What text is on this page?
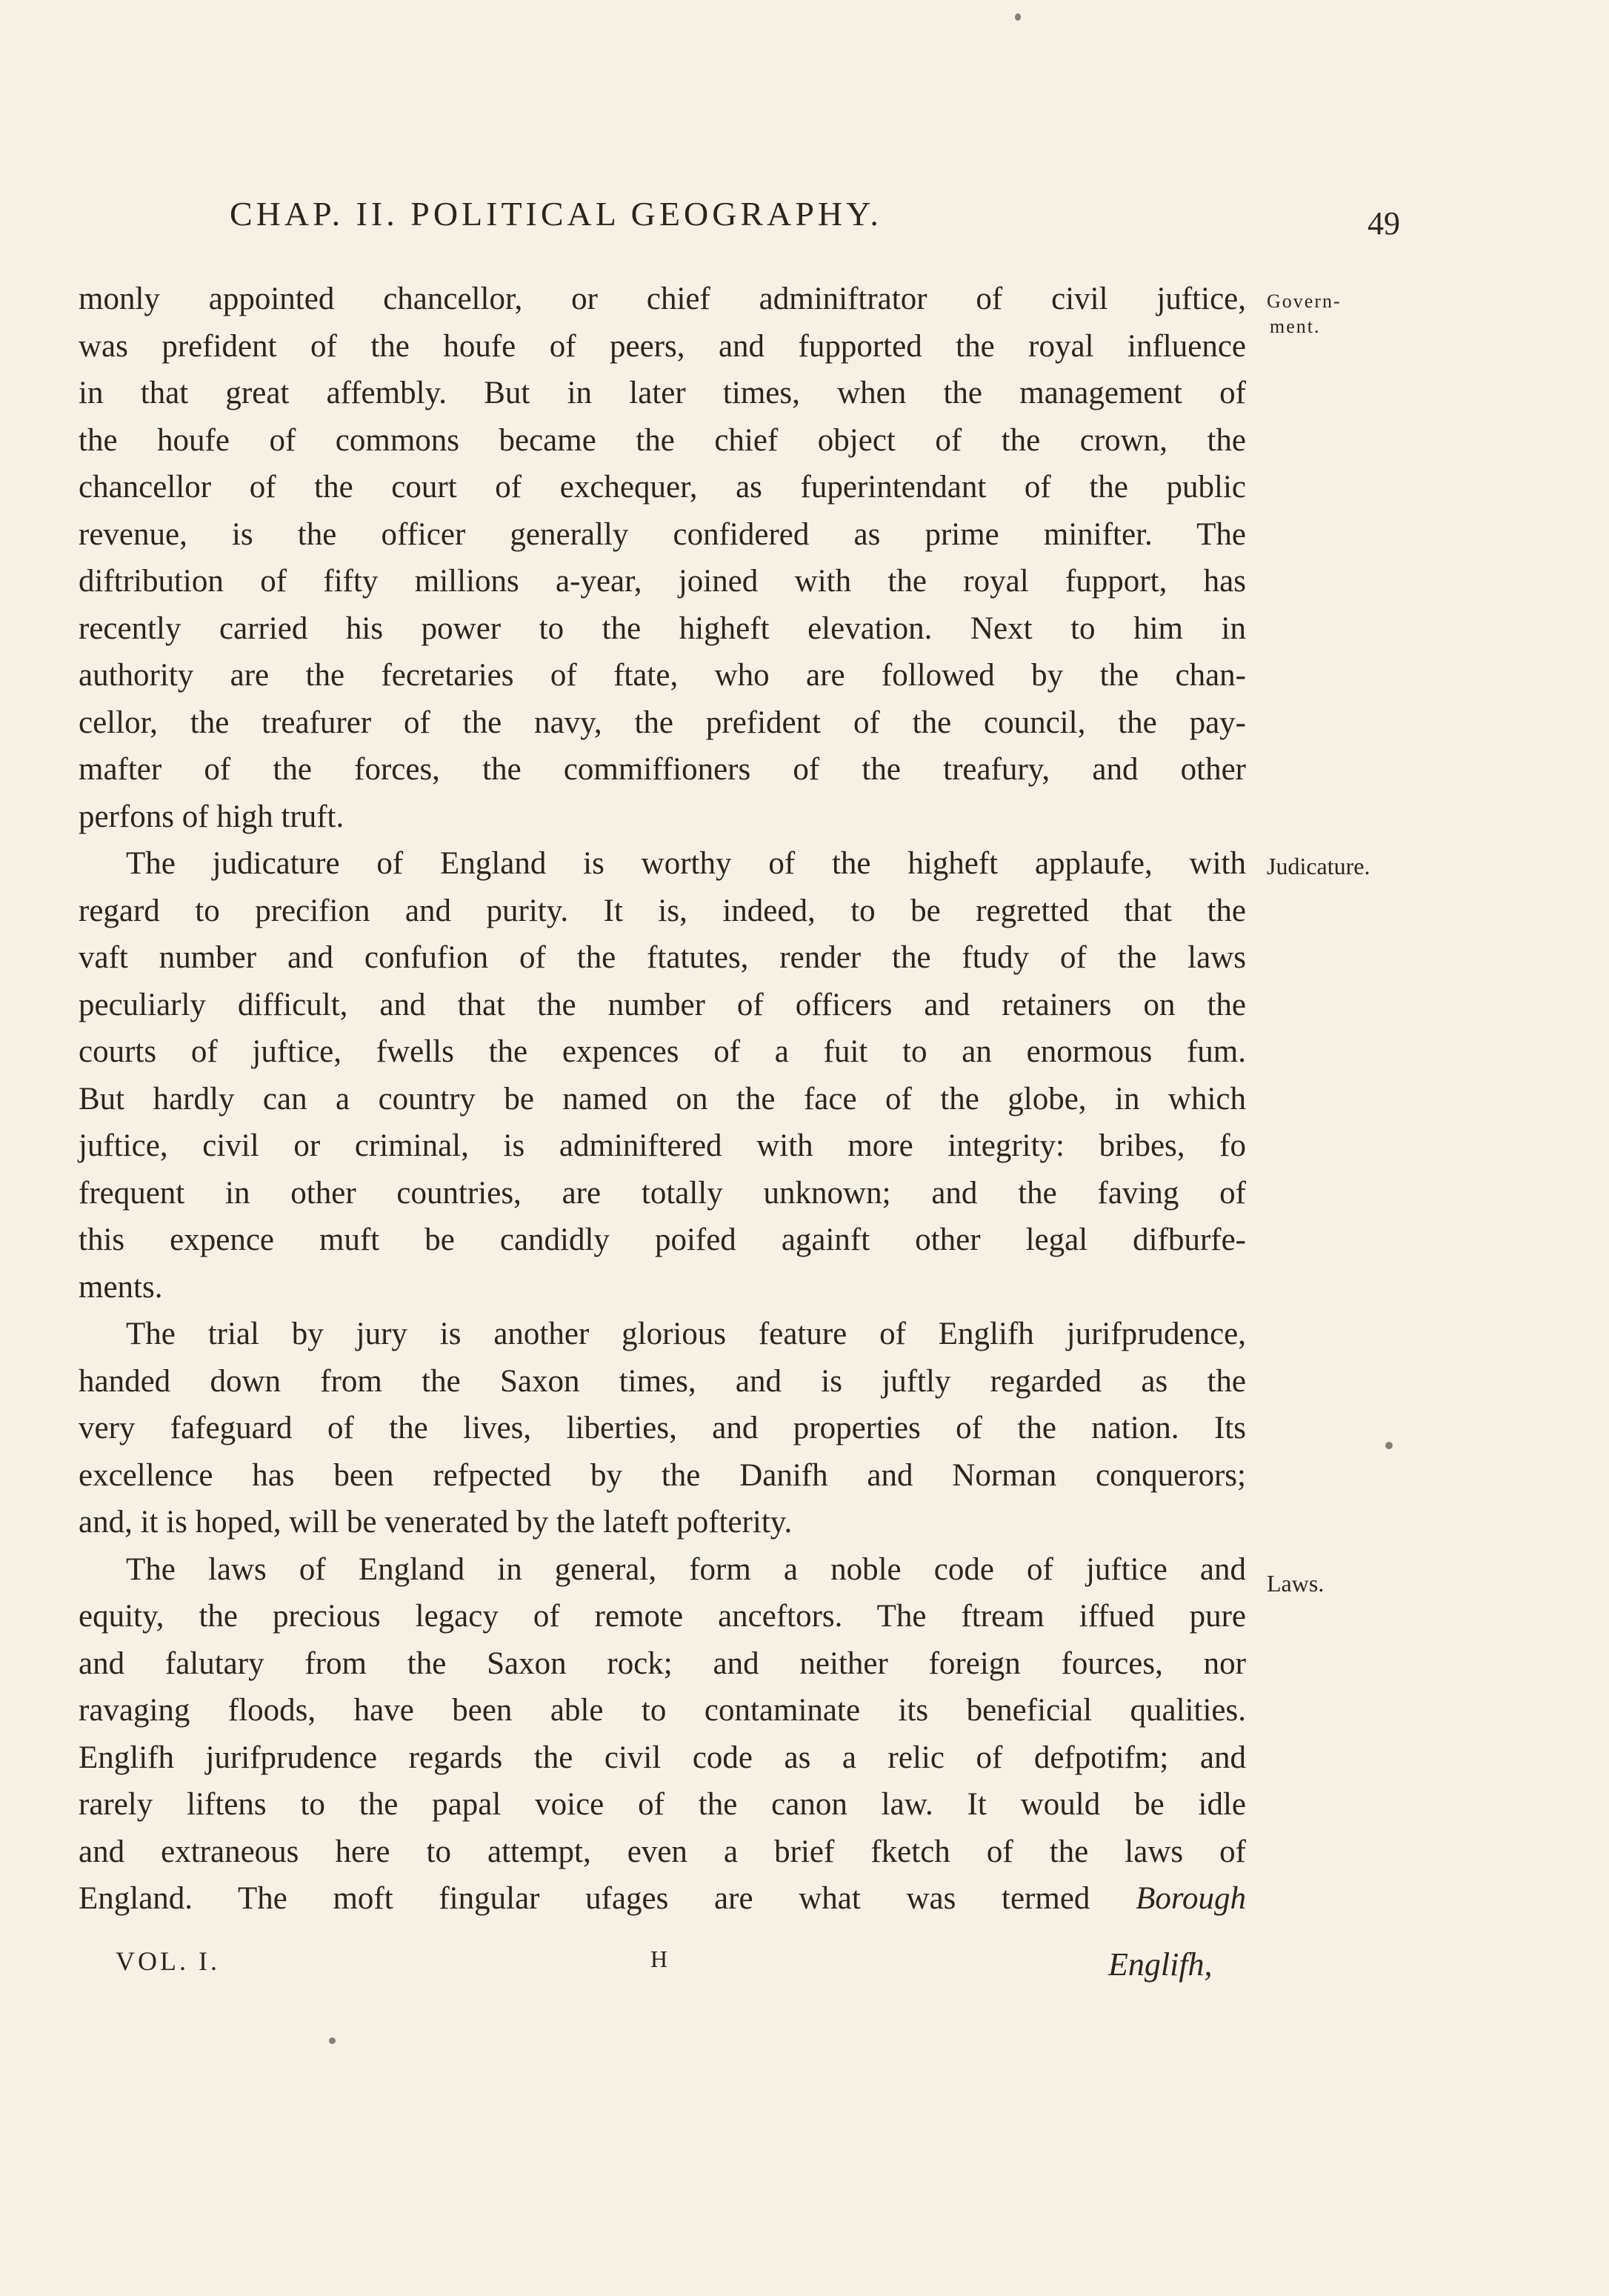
CHAP. II. POLITICAL GEOGRAPHY.	49
Govern-
ment.
Judicature.
Laws.
monly appointed chancellor, or chief adminiftrator of civil juftice,
was prefident of the houfe of peers, and fupported the royal influence
in that great affembly. But in later times, when the management of
the houfe of commons became the chief object of the crown, the
chancellor of the court of exchequer, as fuperintendant of the public
revenue, is the officer generally confidered as prime minifter. The
diftribution of fifty millions a-year, joined with the royal fupport, has
recently carried his power to the higheft elevation. Next to him in
authority are the fecretaries of ftate, who are followed by the chan-
cellor, the treafurer of the navy, the prefident of the council, the pay-
mafter of the forces, the commiffioners of the treafury, and other
perfons of high truft.
The judicature of England is worthy of the higheft applaufe, with
regard to precifion and purity. It is, indeed, to be regretted that the
vaft number and confufion of the ftatutes, render the ftudy of the laws
peculiarly difficult, and that the number of officers and retainers on the
courts of juftice, fwells the expences of a fuit to an enormous fum.
But hardly can a country be named on the face of the globe, in which
juftice, civil or criminal, is adminiftered with more integrity: bribes, fo
frequent in other countries, are totally unknown; and the faving of
this expence muft be candidly poifed againft other legal difburfe-
ments.
The trial by jury is another glorious feature of Englifh jurifprudence,
handed down from the Saxon times, and is juftly regarded as the
very fafeguard of the lives, liberties, and properties of the nation. Its
excellence has been refpected by the Danifh and Norman conquerors;
and, it is hoped, will be venerated by the lateft pofterity.
The laws of England in general, form a noble code of juftice and
equity, the precious legacy of remote anceftors. The ftream iffued pure
and falutary from the Saxon rock; and neither foreign fources, nor
ravaging floods, have been able to contaminate its beneficial qualities.
Englifh jurifprudence regards the civil code as a relic of defpotifm; and
rarely liftens to the papal voice of the canon law. It would be idle
and extraneous here to attempt, even a brief fketch of the laws of
England. The moft fingular ufages are what was termed Borough
VOL. I.	H	Englifh,
